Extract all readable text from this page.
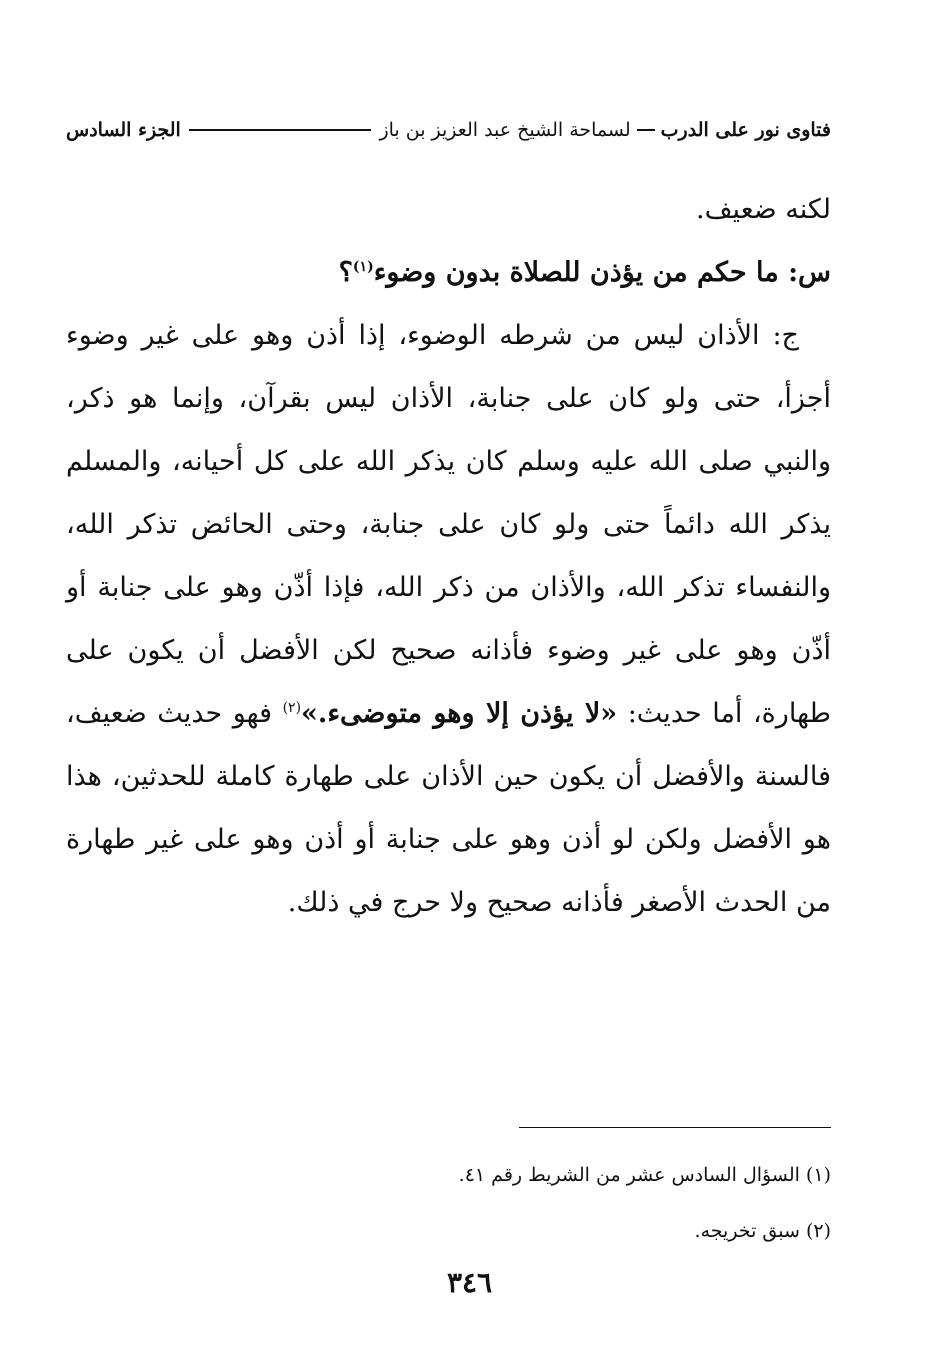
فتاوى نور على الدرب
لسماحة الشيخ عبد العزيز بن باز
الجزء السادس

لكنه ضعيف.

س: ما حكم من يؤذن للصلاة بدون وضوء$^{(١)}$؟

ج: الأذان ليس من شرطه الوضوء، إذا أذن وهو على غير وضوء أجزأ، حتى ولو كان على جنابة، الأذان ليس بقرآن، وإنما هو ذكر، والنبي صلى الله عليه وسلم كان يذكر الله على كل أحيانه، والمسلم يذكر الله دائماً حتى ولو كان على جنابة، وحتى الحائض تذكر الله، والنفساء تذكر الله، والأذان من ذكر الله، فإذا أذّن وهو على جنابة أو أذّن وهو على غير وضوء فأذانه صحيح لكن الأفضل أن يكون على طهارة، أما حديث: «لا يؤذن إلا وهو متوضىء.»$^{(٢)}$ فهو حديث ضعيف، فالسنة والأفضل أن يكون حين الأذان على طهارة كاملة للحدثين، هذا هو الأفضل ولكن لو أذن وهو على جنابة أو أذن وهو على غير طهارة من الحدث الأصغر فأذانه صحيح ولا حرج في ذلك.

(١) السؤال السادس عشر من الشريط رقم ٤١.

(٢) سبق تخريجه.

٣٤٦
